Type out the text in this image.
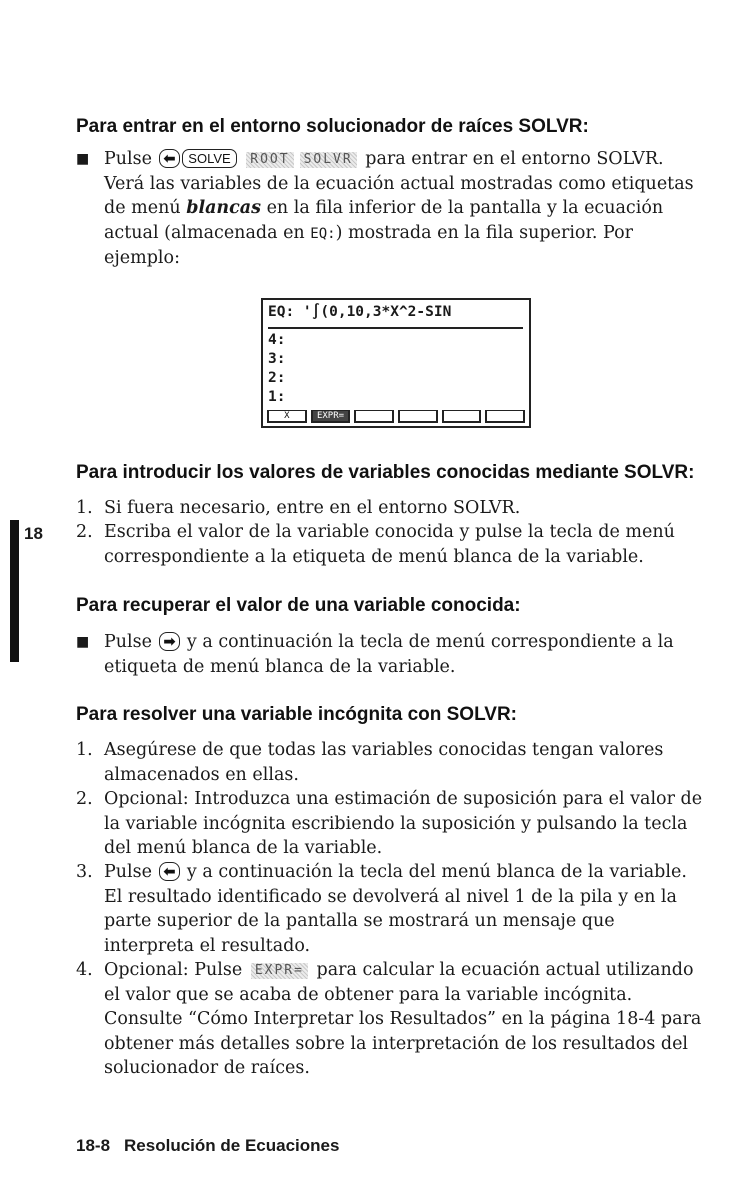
Para entrar en el entorno solucionador de raíces SOLVR:
■ Pulse ⬅ SOLVE ROOT SOLVR para entrar en el entorno SOLVR. Verá las variables de la ecuación actual mostradas como etiquetas de menú blancas en la fila inferior de la pantalla y la ecuación actual (almacenada en EQ:) mostrada en la fila superior. Por ejemplo:

EQ: '∫(0,10,3*X^2-SIN
4:
3:
2:
1:
X	EXPR=
Para introducir los valores de variables conocidas mediante SOLVR:
1. Si fuera necesario, entre en el entorno SOLVR.

2. Escriba el valor de la variable conocida y pulse la tecla de menú correspondiente a la etiqueta de menú blanca de la variable.

18
Para recuperar el valor de una variable conocida:
■ Pulse ➡ y a continuación la tecla de menú correspondiente a la etiqueta de menú blanca de la variable.

Para resolver una variable incógnita con SOLVR:
1. Asegúrese de que todas las variables conocidas tengan valores almacenados en ellas.

2. Opcional: Introduzca una estimación de suposición para el valor de la variable incógnita escribiendo la suposición y pulsando la tecla del menú blanca de la variable.

3. Pulse ⬅ y a continuación la tecla del menú blanca de la variable. El resultado identificado se devolverá al nivel 1 de la pila y en la parte superior de la pantalla se mostrará un mensaje que interpreta el resultado.

4. Opcional: Pulse EXPR= para calcular la ecuación actual utilizando el valor que se acaba de obtener para la variable incógnita. Consulte “Cómo Interpretar los Resultados” en la página 18-4 para obtener más detalles sobre la interpretación de los resultados del solucionador de raíces.

18-8 Resolución de Ecuaciones
